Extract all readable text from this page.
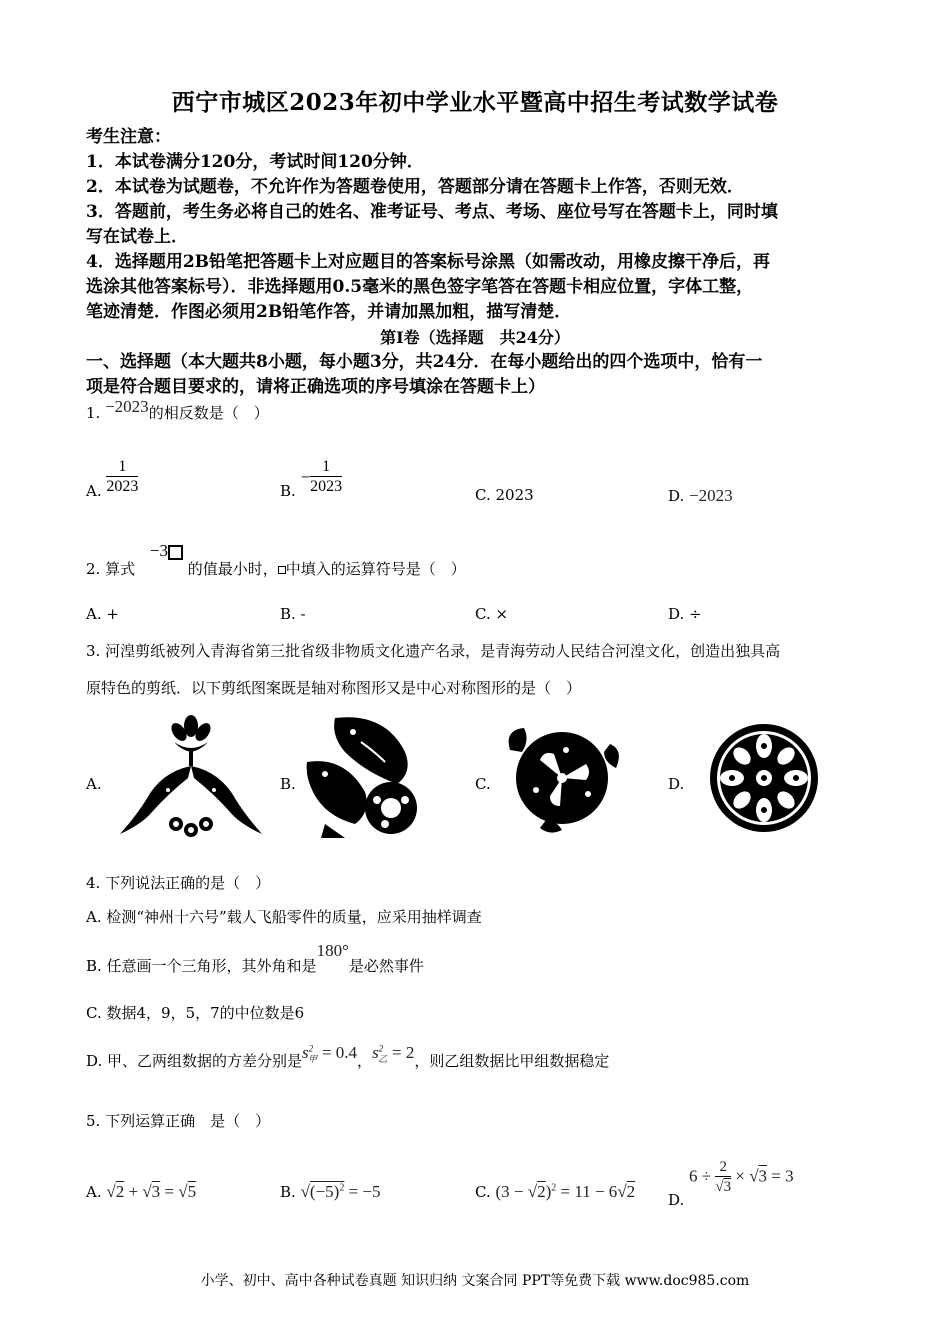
西宁市城区2023年初中学业水平暨高中招生考试数学试卷
考生注意：
1．本试卷满分120分，考试时间120分钟．
2．本试卷为试题卷，不允许作为答题卷使用，答题部分请在答题卡上作答，否则无效．
3．答题前，考生务必将自己的姓名、准考证号、考点、考场、座位号写在答题卡上，同时填
写在试卷上．
4．选择题用2B铅笔把答题卡上对应题目的答案标号涂黑（如需改动，用橡皮擦干净后，再
选涂其他答案标号）．非选择题用0.5毫米的黑色签字笔答在答题卡相应位置，字体工整，
笔迹清楚．作图必须用2B铅笔作答，并请加黑加粗，描写清楚．
第Ⅰ卷（选择题　共24分）
一、选择题（本大题共8小题，每小题3分，共24分．在每小题给出的四个选项中，恰有一
项是符合题目要求的，请将正确选项的序号填涂在答题卡上）
1. −2023的相反数是（　）
A. $\frac{1}{2023}$	B. − $\frac{1}{2023}$	C. 2023	D. −2023
2. 算式 −3 的值最小时， 中填入的运算符号是（　）
A. +	B. -	C. ×	D. ÷
3. 河湟剪纸被列入青海省第三批省级非物质文化遗产名录，是青海劳动人民结合河湟文化，创造出独具高
原特色的剪纸．以下剪纸图案既是轴对称图形又是中心对称图形的是（　）
A.	B.	C.	D.
4. 下列说法正确的是（　）
A. 检测“神州十六号”载人飞船零件的质量，应采用抽样调查
B. 任意画一个三角形，其外角和是180°是必然事件
C. 数据4，9，5，7的中位数是6
D. 甲、乙两组数据的方差分别是$s^2_甲 = 0.4$，$s^2_乙 = 2$，则乙组数据比甲组数据稳定
5. 下列运算正确　是（　）
A. √2 + √3 = √5	B. $√(-5)^2 = -5$	C. $(3 - √2)^2 = 11 - 6√2$ D. $6 \div \frac{2}{√3} \times √3 = 3$
小学、初中、高中各种试卷真题 知识归纳 文案合同 PPT等免费下载 www.doc985.com
